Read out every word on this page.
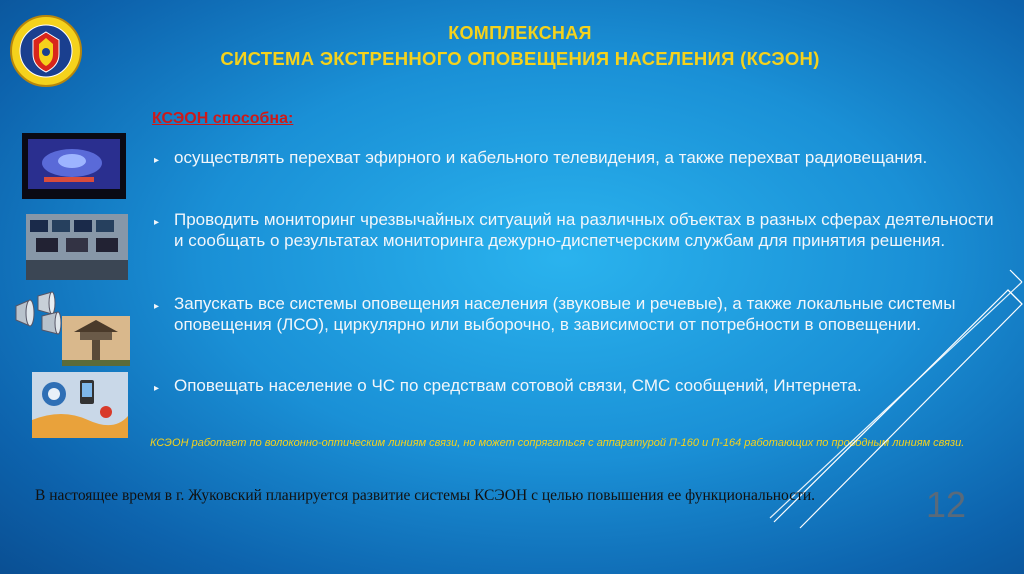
КОМПЛЕКСНАЯ
СИСТЕМА ЭКСТРЕННОГО ОПОВЕЩЕНИЯ НАСЕЛЕНИЯ (КСЭОН)
КСЭОН способна:
▸ осуществлять перехват эфирного и кабельного телевидения, а также перехват радиовещания.
▸ Проводить мониторинг чрезвычайных ситуаций на различных объектах в разных сферах деятельности и сообщать о результатах мониторинга дежурно-диспетчерским службам для принятия решения.
▸ Запускать все системы оповещения населения (звуковые и речевые), а также локальные системы оповещения (ЛСО), циркулярно или выборочно, в зависимости от потребности в оповещении.
▸ Оповещать население о ЧС по средствам сотовой связи, СМС сообщений, Интернета.
КСЭОН работает по волоконно-оптическим линиям связи, но может сопрягаться с аппаратурой П-160 и П-164 работающих по проводным линиям связи.
В настоящее время в г. Жуковский планируется развитие системы КСЭОН с целью повышения ее функциональности.	12
